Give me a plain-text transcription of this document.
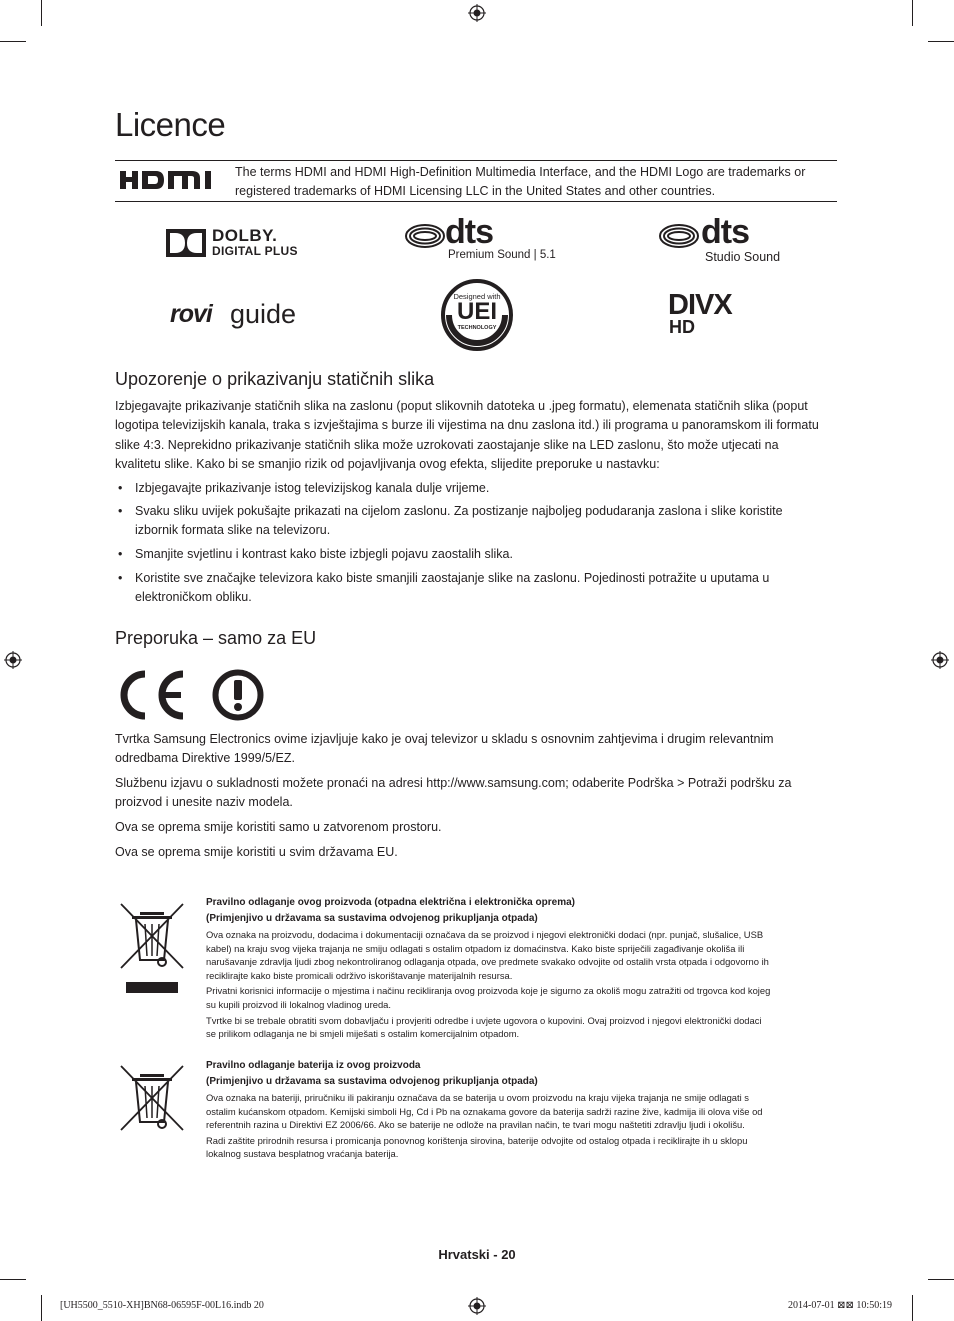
Licence
The terms HDMI and HDMI High-Definition Multimedia Interface, and the HDMI Logo are trademarks or registered trademarks of HDMI Licensing LLC in the United States and other countries.
DOLBY.
DIGITAL PLUS	dts
Premium Sound | 5.1
dts
Studio Sound
rovi guide
Designed with
UEI
TECHNOLOGY
DIVX
HD
Upozorenje o prikazivanju statičnih slika
Izbjegavajte prikazivanje statičnih slika na zaslonu (poput slikovnih datoteka u .jpeg formatu), elemenata statičnih slika (poput
logotipa televizijskih kanala, traka s izvještajima s burze ili vijestima na dnu zaslona itd.) ili programa u panoramskom ili formatu
slike 4:3. Neprekidno prikazivanje statičnih slika može uzrokovati zaostajanje slike na LED zaslonu, što može utjecati na
kvalitetu slike. Kako bi se smanjio rizik od pojavljivanja ovog efekta, slijedite preporuke u nastavku:
• Izbjegavajte prikazivanje istog televizijskog kanala dulje vrijeme.
• Svaku sliku uvijek pokušajte prikazati na cijelom zaslonu. Za postizanje najboljeg podudaranja zaslona i slike koristite
izbornik formata slike na televizoru.
• Smanjite svjetlinu i kontrast kako biste izbjegli pojavu zaostalih slika.
• Koristite sve značajke televizora kako biste smanjili zaostajanje slike na zaslonu. Pojedinosti potražite u uputama u
elektroničkom obliku.
Preporuka – samo za EU
Tvrtka Samsung Electronics ovime izjavljuje kako je ovaj televizor u skladu s osnovnim zahtjevima i drugim relevantnim
odredbama Direktive 1999/5/EZ.
Službenu izjavu o sukladnosti možete pronaći na adresi http://www.samsung.com; odaberite Podrška > Potraži podršku za
proizvod i unesite naziv modela.
Ova se oprema smije koristiti samo u zatvorenom prostoru.
Ova se oprema smije koristiti u svim državama EU.
Pravilno odlaganje ovog proizvoda (otpadna električna i elektronička oprema)
(Primjenjivo u državama sa sustavima odvojenog prikupljanja otpada)
Ova oznaka na proizvodu, dodacima i dokumentaciji označava da se proizvod i njegovi elektronički dodaci (npr. punjač, slušalice, USB
kabel) na kraju svog vijeka trajanja ne smiju odlagati s ostalim otpadom iz domaćinstva. Kako biste spriječili zagađivanje okoliša ili
narušavanje zdravlja ljudi zbog nekontroliranog odlaganja otpada, ove predmete svakako odvojite od ostalih vrsta otpada i odgovorno ih
reciklirajte kako biste promicali održivo iskorištavanje materijalnih resursa.
Privatni korisnici informacije o mjestima i načinu recikliranja ovog proizvoda koje je sigurno za okoliš mogu zatražiti od trgovca kod kojeg
su kupili proizvod ili lokalnog vladinog ureda.
Tvrtke bi se trebale obratiti svom dobavljaču i provjeriti odredbe i uvjete ugovora o kupovini. Ovaj proizvod i njegovi elektronički dodaci
se prilikom odlaganja ne bi smjeli miješati s ostalim komercijalnim otpadom.
Pravilno odlaganje baterija iz ovog proizvoda
(Primjenjivo u državama sa sustavima odvojenog prikupljanja otpada)
Ova oznaka na bateriji, priručniku ili pakiranju označava da se baterija u ovom proizvodu na kraju vijeka trajanja ne smije odlagati s
ostalim kućanskom otpadom. Kemijski simboli Hg, Cd i Pb na oznakama govore da baterija sadrži razine žive, kadmija ili olova više od
referentnih razina u Direktivi EZ 2006/66. Ako se baterije ne odlože na pravilan način, te tvari mogu naštetiti zdravlju ljudi i okolišu.
Radi zaštite prirodnih resursa i promicanja ponovnog korištenja sirovina, baterije odvojite od ostalog otpada i reciklirajte ih u sklopu
lokalnog sustava besplatnog vraćanja baterija.
Hrvatski - 20
[UH5500_5510-XH]BN68-06595F-00L16.indb 20	2014-07-01 ⊠⊠ 10:50:19
